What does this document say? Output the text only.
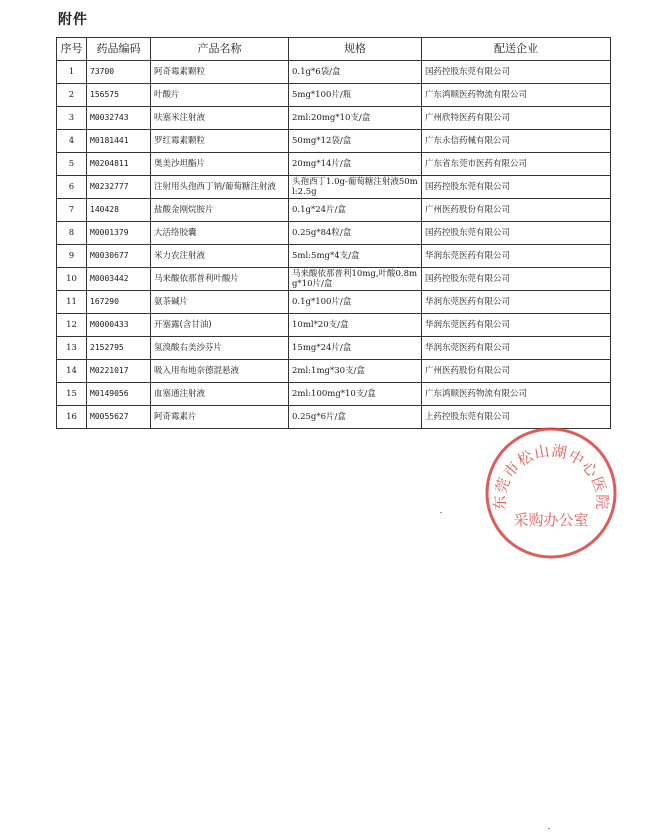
附件
序号	药品编码	产品名称	规格	配送企业
1	73700	阿奇霉素颗粒	0.1g*6袋/盒	国药控股东莞有限公司
2	156575	叶酸片	5mg*100片/瓶	广东鸿顺医药物流有限公司
3	M0032743	呋塞米注射液	2ml:20mg*10支/盒	广州欣特医药有限公司
4	M0181441	罗红霉素颗粒	50mg*12袋/盒	广东永信药械有限公司
5	M0204811	奥美沙坦酯片	20mg*14片/盒	广东省东莞市医药有限公司
6	M0232777	注射用头孢西丁钠/葡萄糖注射液	头孢西丁1.0g-葡萄糖注射液50ml:2.5g	国药控股东莞有限公司
7	140428	盐酸金刚烷胺片	0.1g*24片/盒	广州医药股份有限公司
8	M0001379	大活络胶囊	0.25g*84粒/盒	国药控股东莞有限公司
9	M0030677	米力农注射液	5ml:5mg*4支/盒	华润东莞医药有限公司
10	M0003442	马来酸依那普利叶酸片	马来酸依那普利10mg,叶酸0.8mg*10片/盒	国药控股东莞有限公司
11	167290	氨茶碱片	0.1g*100片/盒	华润东莞医药有限公司
12	M0000433	开塞露(含甘油)	10ml*20支/盒	华润东莞医药有限公司
13	2152795	氢溴酸右美沙芬片	15mg*24片/盒	华润东莞医药有限公司
14	M0221017	吸入用布地奈德混悬液	2ml:1mg*30支/盒	广州医药股份有限公司
15	M0149056	血塞通注射液	2ml:100mg*10支/盒	广东鸿顺医药物流有限公司
16	M0055627	阿奇霉素片	0.25g*6片/盒	上药控股东莞有限公司
东莞市松山湖中心医院
采购办公室
